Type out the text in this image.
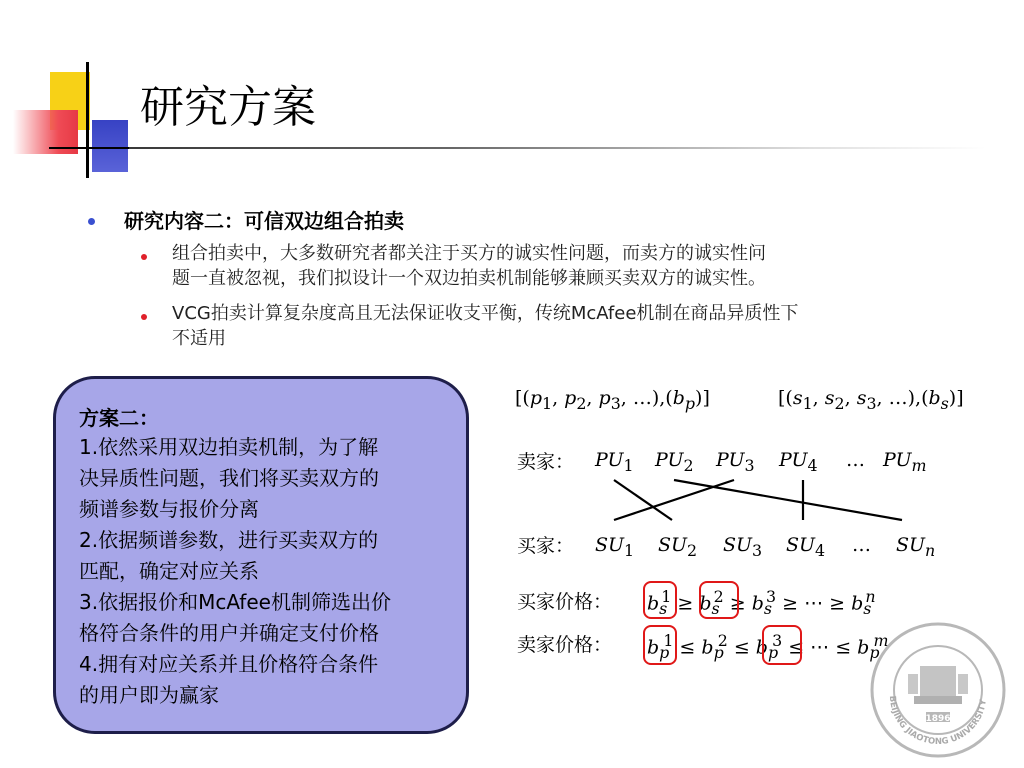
研究方案
研究内容二：可信双边组合拍卖
组合拍卖中，大多数研究者都关注于买方的诚实性问题，而卖方的诚实性问
题一直被忽视，我们拟设计一个双边拍卖机制能够兼顾买卖双方的诚实性。
VCG拍卖计算复杂度高且无法保证收支平衡，传统McAfee机制在商品异质性下
不适用
方案二：
1.依然采用双边拍卖机制，为了解
决异质性问题，我们将买卖双方的
频谱参数与报价分离
2.依据频谱参数，进行买卖双方的
匹配，确定对应关系
3.依据报价和McAfee机制筛选出价
格符合条件的用户并确定支付价格
4.拥有对应关系并且价格符合条件
的用户即为赢家
[($p_1$, $p_2$, $p_3$, $\dots),(b_p)$]	[($s_1$, $s_2$, $s_3$, $\dots),(b_s)$]
卖家： $PU_1$ $PU_2$ $PU_3$ $PU_4$ … $PU_m$
买家： $SU_1$ $SU_2$ $SU_3$ $SU_4$ … $SU_n$
买家价格： $b_s^1 \ge b_s^2 \ge b_s^3$ ≥ ⋯ ≥ $b_s^n$
卖家价格： $b_p^1 \le b_p^2 \le b_p^3$ ≤ ⋯ ≤ $b_p^m$
1896
BEIJING JIAOTONG UNIVERSITY
